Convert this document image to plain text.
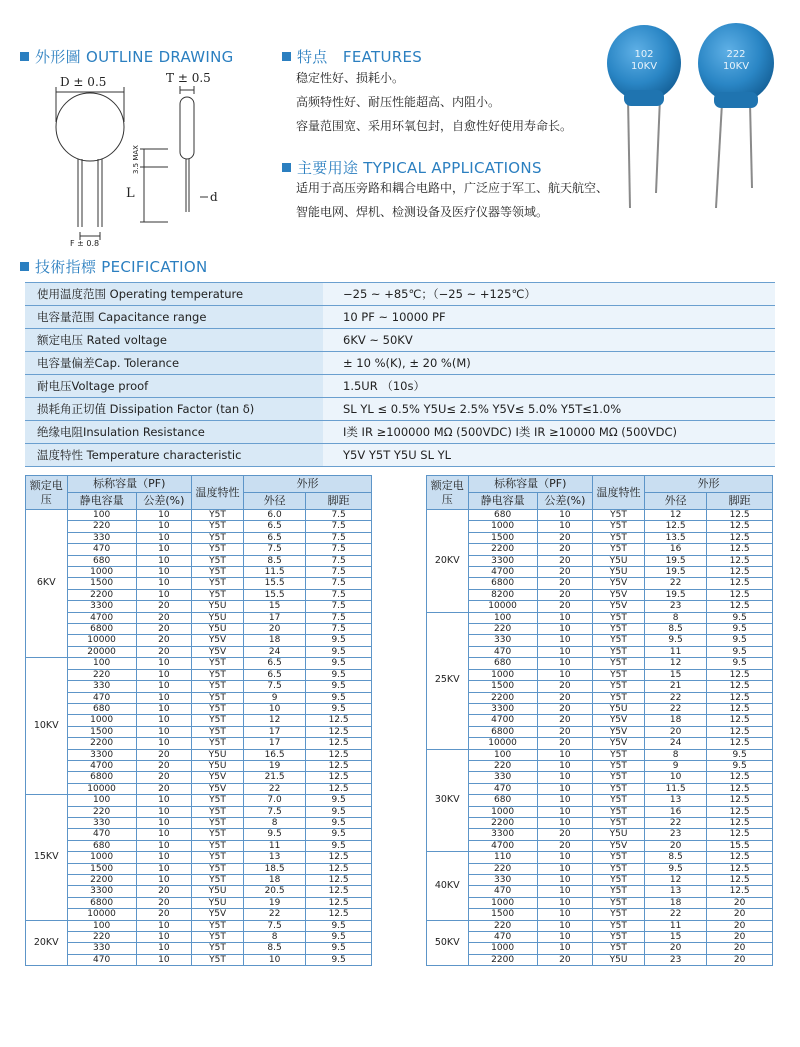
外形圖 OUTLINE DRAWING
D ± 0.5	T ± 0.5
3.5 MAX
L	d
F ± 0.8
特点　FEATURES
稳定性好、损耗小。
高频特性好、耐压性能超高、内阻小。
容量范围宽、采用环氧包封，自愈性好使用寿命长。
主要用途 TYPICAL APPLICATIONS
适用于高压旁路和耦合电路中，广泛应于军工、航天航空、
智能电网、焊机、检测设备及医疗仪器等领域。
102
10KV
222
10KV
技術指標 PECIFICATION
使用温度范围 Operating temperature	−25 ~ +85℃；（−25 ~ +125℃）
电容量范围 Capacitance range	10 PF ~ 10000 PF
额定电压 Rated voltage	6KV ~ 50KV
电容量偏差Cap. Tolerance	± 10 %(K), ± 20 %(M)
耐电压Voltage proof	1.5UR （10s）
损耗角正切值 Dissipation Factor (tan δ)	SL YL ≤ 0.5% Y5U≤ 2.5% Y5V≤ 5.0% Y5T≤1.0%
绝缘电阻Insulation Resistance	I类 IR ≥100000 MΩ (500VDC) I类 IR ≥10000 MΩ (500VDC)
温度特性 Temperature characteristic	Y5V Y5T Y5U SL YL
额定电压	标称容量（PF)		温度特性	外形	
	静电容量	公差(%)		外径	脚距
6KV	100	10	Y5T	6.0	7.5
	220	10	Y5T	6.5	7.5
	330	10	Y5T	6.5	7.5
	470	10	Y5T	7.5	7.5
	680	10	Y5T	8.5	7.5
	1000	10	Y5T	11.5	7.5
	1500	10	Y5T	15.5	7.5
	2200	10	Y5T	15.5	7.5
	3300	20	Y5U	15	7.5
	4700	20	Y5U	17	7.5
	6800	20	Y5U	20	7.5
	10000	20	Y5V	18	9.5
	20000	20	Y5V	24	9.5
10KV	100	10	Y5T	6.5	9.5
	220	10	Y5T	6.5	9.5
	330	10	Y5T	7.5	9.5
	470	10	Y5T	9	9.5
	680	10	Y5T	10	9.5
	1000	10	Y5T	12	12.5
	1500	10	Y5T	17	12.5
	2200	10	Y5T	17	12.5
	3300	20	Y5U	16.5	12.5
	4700	20	Y5U	19	12.5
	6800	20	Y5V	21.5	12.5
	10000	20	Y5V	22	12.5
15KV	100	10	Y5T	7.0	9.5
	220	10	Y5T	7.5	9.5
	330	10	Y5T	8	9.5
	470	10	Y5T	9.5	9.5
	680	10	Y5T	11	9.5
	1000	10	Y5T	13	12.5
	1500	10	Y5T	18.5	12.5
	2200	10	Y5T	18	12.5
	3300	20	Y5U	20.5	12.5
	6800	20	Y5U	19	12.5
	10000	20	Y5V	22	12.5
20KV	100	10	Y5T	7.5	9.5
	220	10	Y5T	8	9.5
	330	10	Y5T	8.5	9.5
	470	10	Y5T	10	9.5
额定电压	标称容量（PF)		温度特性	外形	
	静电容量	公差(%)		外径	脚距
20KV	680	10	Y5T	12	12.5
	1000	10	Y5T	12.5	12.5
	1500	20	Y5T	13.5	12.5
	2200	20	Y5T	16	12.5
	3300	20	Y5U	19.5	12.5
	4700	20	Y5U	19.5	12.5
	6800	20	Y5V	22	12.5
	8200	20	Y5V	19.5	12.5
	10000	20	Y5V	23	12.5
25KV	100	10	Y5T	8	9.5
	220	10	Y5T	8.5	9.5
	330	10	Y5T	9.5	9.5
	470	10	Y5T	11	9.5
	680	10	Y5T	12	9.5
	1000	10	Y5T	15	12.5
	1500	20	Y5T	21	12.5
	2200	20	Y5T	22	12.5
	3300	20	Y5U	22	12.5
	4700	20	Y5V	18	12.5
	6800	20	Y5V	20	12.5
	10000	20	Y5V	24	12.5
30KV	100	10	Y5T	8	9.5
	220	10	Y5T	9	9.5
	330	10	Y5T	10	12.5
	470	10	Y5T	11.5	12.5
	680	10	Y5T	13	12.5
	1000	10	Y5T	16	12.5
	2200	10	Y5T	22	12.5
	3300	20	Y5U	23	12.5
	4700	20	Y5V	20	15.5
40KV	110	10	Y5T	8.5	12.5
	220	10	Y5T	9.5	12.5
	330	10	Y5T	12	12.5
	470	10	Y5T	13	12.5
	1000	10	Y5T	18	20
	1500	10	Y5T	22	20
50KV	220	10	Y5T	11	20
	470	10	Y5T	15	20
	1000	10	Y5T	20	20
	2200	20	Y5U	23	20
